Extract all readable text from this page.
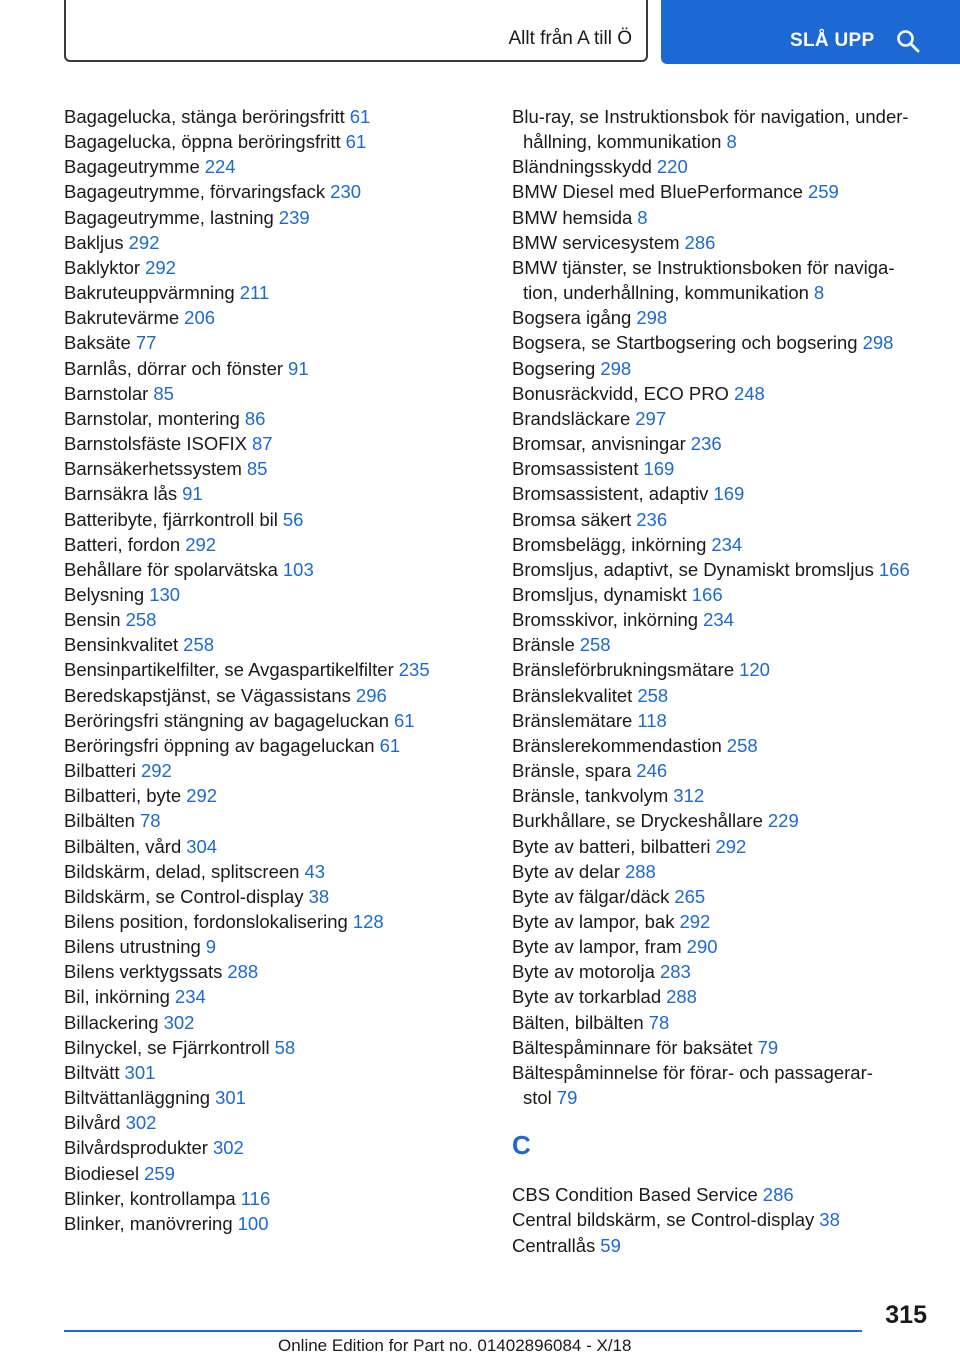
Allt från A till Ö	SLÅ UPP
Bagagelucka, stänga beröringsfritt 61
Bagagelucka, öppna beröringsfritt 61
Bagageutrymme 224
Bagageutrymme, förvaringsfack 230
Bagageutrymme, lastning 239
Bakljus 292
Baklyktor 292
Bakruteuppvärmning 211
Bakrutevärme 206
Baksäte 77
Barnlås, dörrar och fönster 91
Barnstolar 85
Barnstolar, montering 86
Barnstolsfäste ISOFIX 87
Barnsäkerhetssystem 85
Barnsäkra lås 91
Batteribyte, fjärrkontroll bil 56
Batteri, fordon 292
Behållare för spolarvätska 103
Belysning 130
Bensin 258
Bensinkvalitet 258
Bensinpartikelfilter, se Avgaspartikelfilter 235
Beredskapstjänst, se Vägassistans 296
Beröringsfri stängning av bagageluckan 61
Beröringsfri öppning av bagageluckan 61
Bilbatteri 292
Bilbatteri, byte 292
Bilbälten 78
Bilbälten, vård 304
Bildskärm, delad, splitscreen 43
Bildskärm, se Control-display 38
Bilens position, fordonslokalisering 128
Bilens utrustning 9
Bilens verktygssats 288
Bil, inkörning 234
Billackering 302
Bilnyckel, se Fjärrkontroll 58
Biltvätt 301
Biltvättanläggning 301
Bilvård 302
Bilvårdsprodukter 302
Biodiesel 259
Blinker, kontrollampa 116
Blinker, manövrering 100
Blu-ray, se Instruktionsbok för navigation, under-
hållning, kommunikation 8
Bländningsskydd 220
BMW Diesel med BluePerformance 259
BMW hemsida 8
BMW servicesystem 286
BMW tjänster, se Instruktionsboken för naviga-
tion, underhållning, kommunikation 8
Bogsera igång 298
Bogsera, se Startbogsering och bogsering 298
Bogsering 298
Bonusräckvidd, ECO PRO 248
Brandsläckare 297
Bromsar, anvisningar 236
Bromsassistent 169
Bromsassistent, adaptiv 169
Bromsa säkert 236
Bromsbelägg, inkörning 234
Bromsljus, adaptivt, se Dynamiskt bromsljus 166
Bromsljus, dynamiskt 166
Bromsskivor, inkörning 234
Bränsle 258
Bränsleförbrukningsmätare 120
Bränslekvalitet 258
Bränslemätare 118
Bränslerekommendastion 258
Bränsle, spara 246
Bränsle, tankvolym 312
Burkhållare, se Dryckeshållare 229
Byte av batteri, bilbatteri 292
Byte av delar 288
Byte av fälgar/däck 265
Byte av lampor, bak 292
Byte av lampor, fram 290
Byte av motorolja 283
Byte av torkarblad 288
Bälten, bilbälten 78
Bältespåminnare för baksätet 79
Bältespåminnelse för förar- och passagerar-
stol 79
C
CBS Condition Based Service 286
Central bildskärm, se Control-display 38
Centrallås 59
315
Online Edition for Part no. 01402896084 - X/18
